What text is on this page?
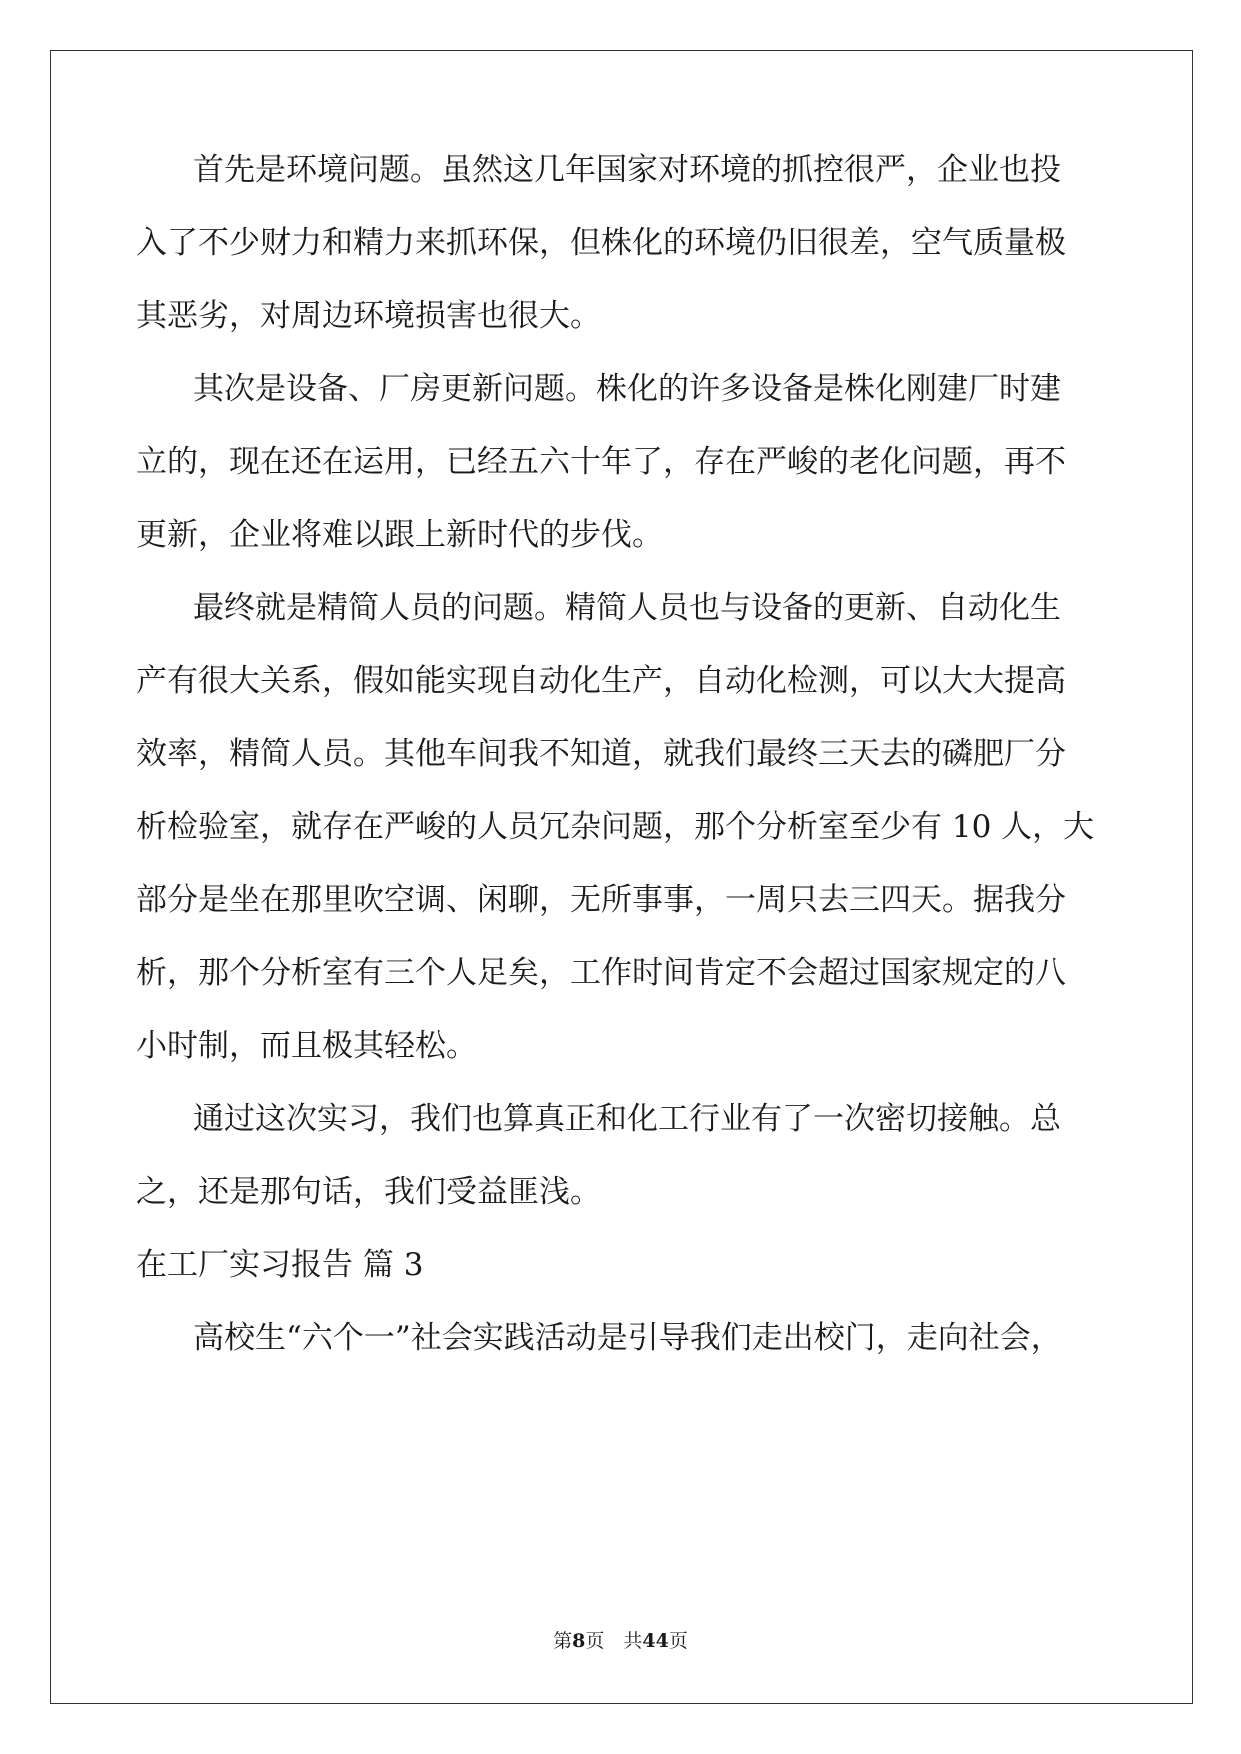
首先是环境问题。虽然这几年国家对环境的抓控很严，企业也投
入了不少财力和精力来抓环保，但株化的环境仍旧很差，空气质量极
其恶劣，对周边环境损害也很大。
其次是设备、厂房更新问题。株化的许多设备是株化刚建厂时建
立的，现在还在运用，已经五六十年了，存在严峻的老化问题，再不
更新，企业将难以跟上新时代的步伐。
最终就是精简人员的问题。精简人员也与设备的更新、自动化生
产有很大关系，假如能实现自动化生产，自动化检测，可以大大提高
效率，精简人员。其他车间我不知道，就我们最终三天去的磷肥厂分
析检验室，就存在严峻的人员冗杂问题，那个分析室至少有 10 人，大
部分是坐在那里吹空调、闲聊，无所事事，一周只去三四天。据我分
析，那个分析室有三个人足矣，工作时间肯定不会超过国家规定的八
小时制，而且极其轻松。
通过这次实习，我们也算真正和化工行业有了一次密切接触。总
之，还是那句话，我们受益匪浅。
在工厂实习报告 篇 3
高校生“六个一”社会实践活动是引导我们走出校门，走向社会，
第8页　共44页
